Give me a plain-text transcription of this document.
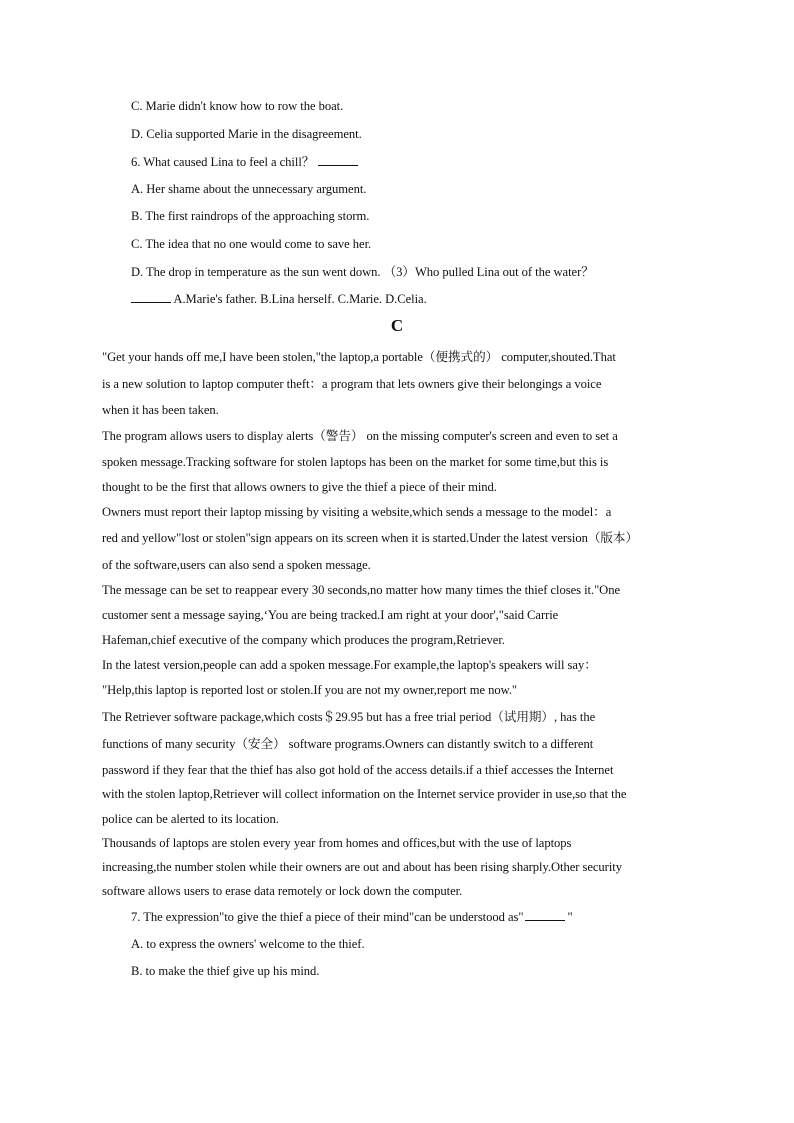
C. Marie didn't know how to row the boat.
D. Celia supported Marie in the disagreement.
6. What caused Lina to feel a chill？
A. Her shame about the unnecessary argument.
B. The first raindrops of the approaching storm.
C. The idea that no one would come to save her.
D. The drop in temperature as the sun went down. （3）Who pulled Lina out of the water？
A.Marie's father. B.Lina herself. C.Marie. D.Celia.
C
"Get your hands off me,I have been stolen,"the laptop,a portable（便携式的） computer,shouted.That
is a new solution to laptop computer theft：a program that lets owners give their belongings a voice
when it has been taken.
The program allows users to display alerts（警告） on the missing computer's screen and even to set a
spoken message.Tracking software for stolen laptops has been on the market for some time,but this is
thought to be the first that allows owners to give the thief a piece of their mind.
Owners must report their laptop missing by visiting a website,which sends a message to the model：a
red and yellow"lost or stolen"sign appears on its screen when it is started.Under the latest version（版本）
of the software,users can also send a spoken message.
The message can be set to reappear every 30 seconds,no matter how many times the thief closes it."One
customer sent a message saying,‘You are being tracked.I am right at your door',"said Carrie
Hafeman,chief executive of the company which produces the program,Retriever.
In the latest version,people can add a spoken message.For example,the laptop's speakers will say：
"Help,this laptop is reported lost or stolen.If you are not my owner,report me now."
The Retriever software package,which costs＄29.95 but has a free trial period（试用期）, has the
functions of many security（安全） software programs.Owners can distantly switch to a different
password if they fear that the thief has also got hold of the access details.if a thief accesses the Internet
with the stolen laptop,Retriever will collect information on the Internet service provider in use,so that the
police can be alerted to its location.
Thousands of laptops are stolen every year from homes and offices,but with the use of laptops
increasing,the number stolen while their owners are out and about has been rising sharply.Other security
software allows users to erase data remotely or lock down the computer.
7. The expression"to give the thief a piece of their mind"can be understood as"	"
A. to express the owners' welcome to the thief.
B. to make the thief give up his mind.
